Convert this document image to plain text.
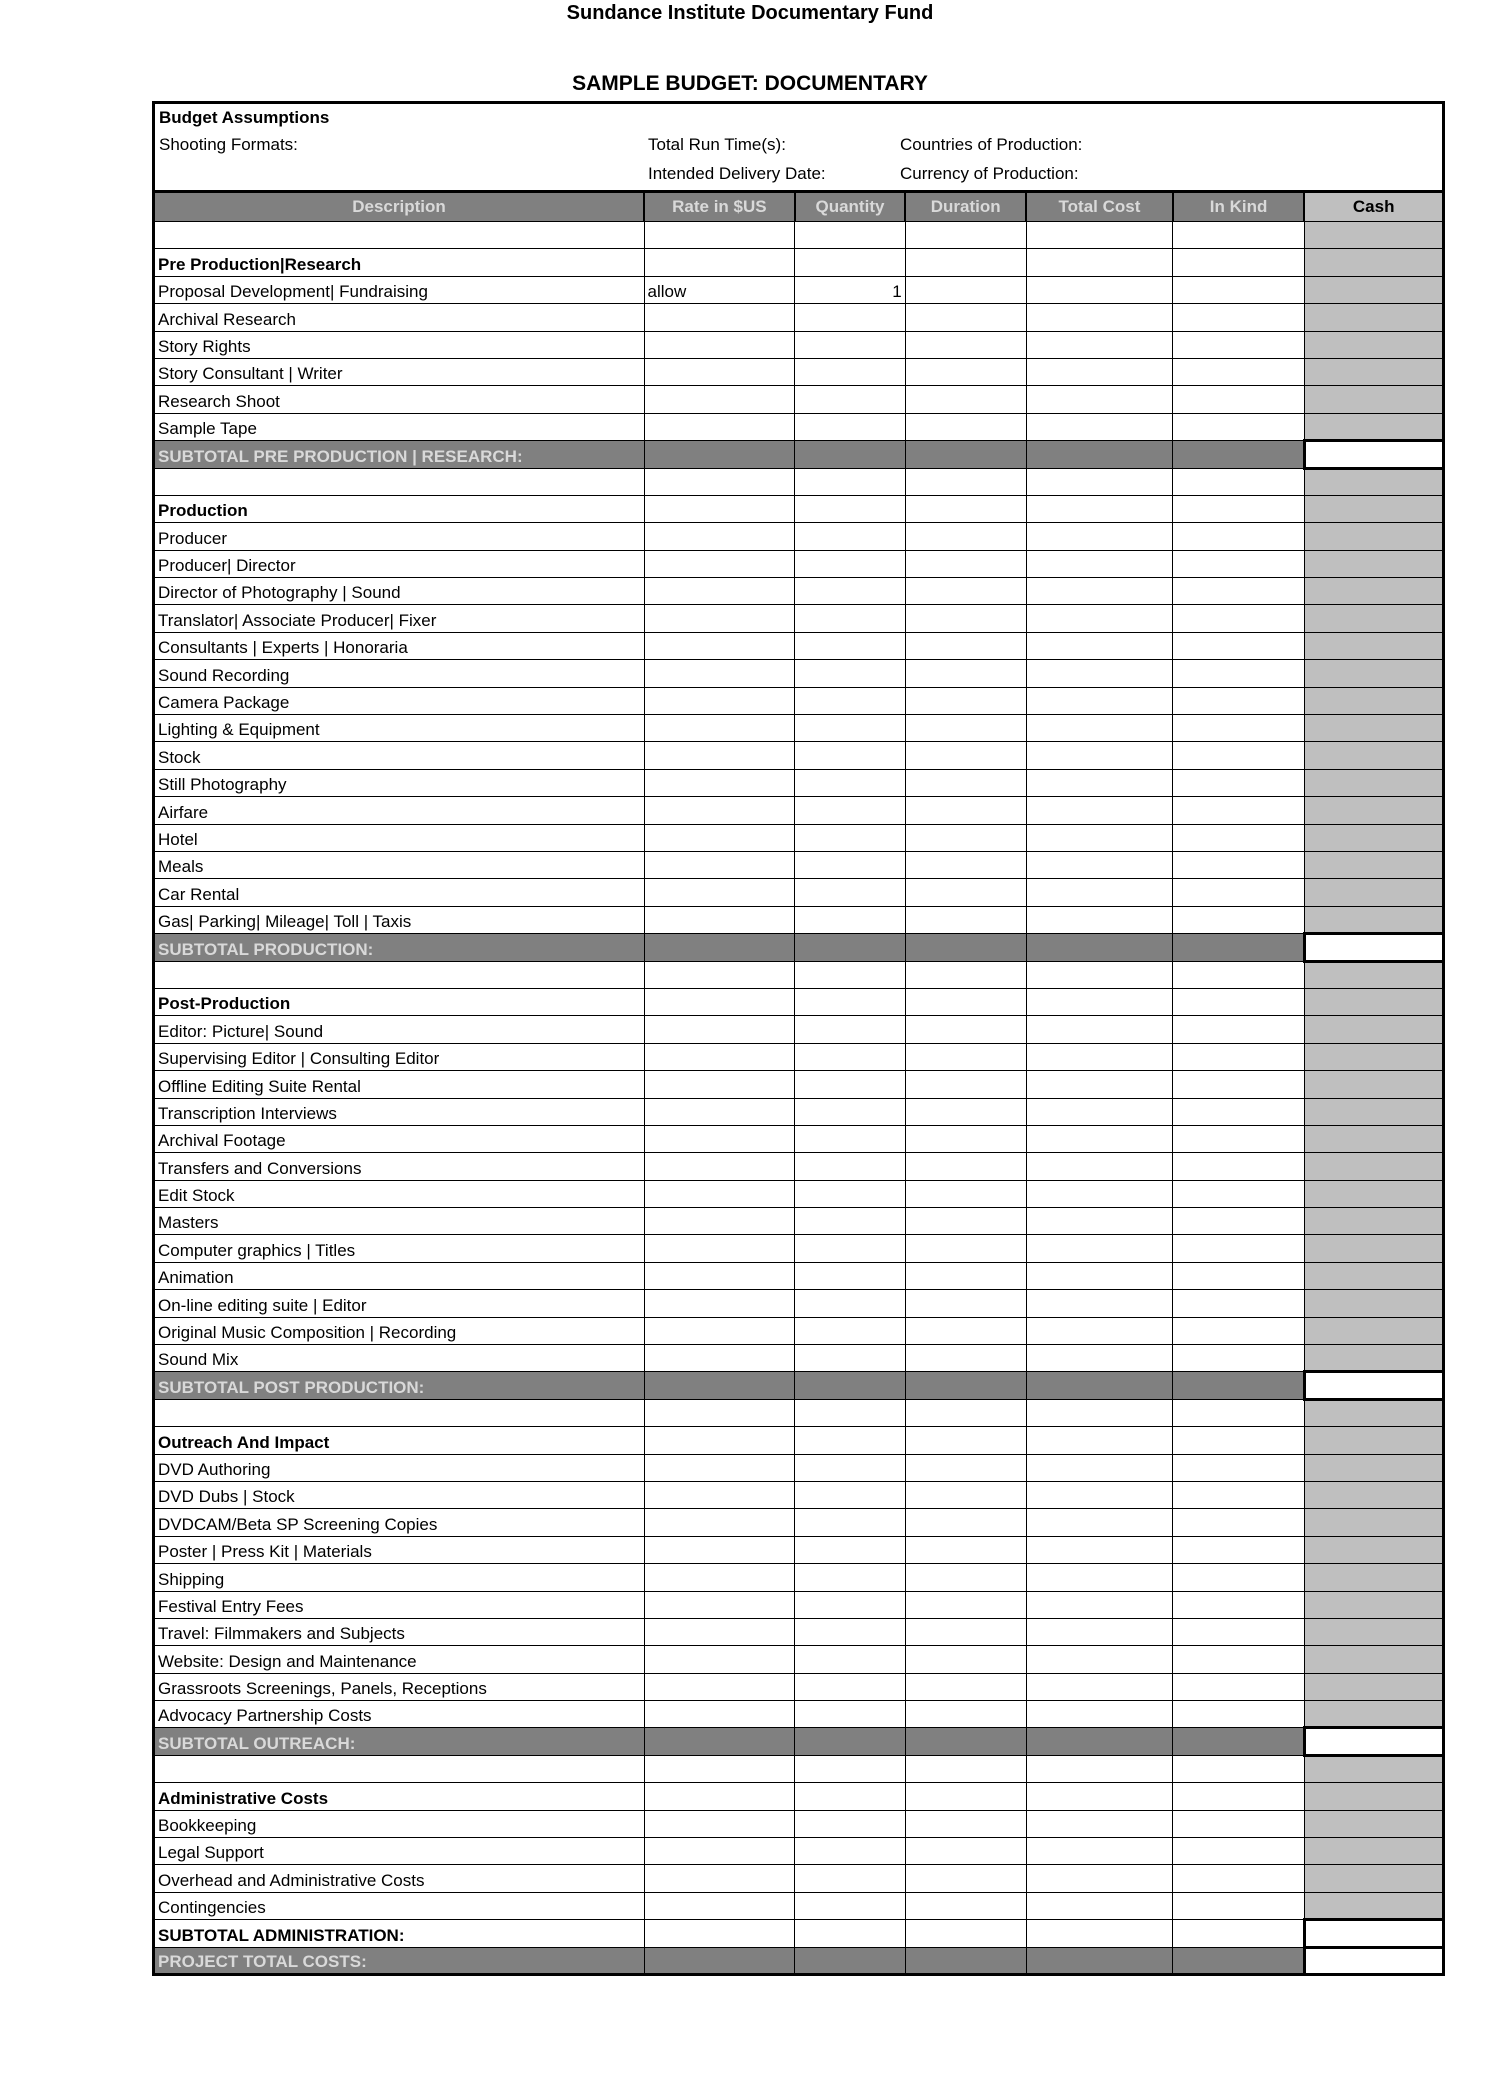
Sundance Institute Documentary Fund
SAMPLE BUDGET: DOCUMENTARY
Budget Assumptions
Shooting Formats:	Total Run Time(s):	Countries of Production:
Intended Delivery Date:	Currency of Production:
Description	Rate in $US	Quantity	Duration	Total Cost	In Kind	Cash

Pre Production|Research						
Proposal Development| Fundraising	allow	1				
Archival Research						
Story Rights						
Story Consultant | Writer						
Research Shoot						
Sample Tape						
SUBTOTAL PRE PRODUCTION | RESEARCH:						

Production						
Producer						
Producer| Director						
Director of Photography | Sound						
Translator| Associate Producer| Fixer						
Consultants | Experts | Honoraria						
Sound Recording						
Camera Package						
Lighting & Equipment						
Stock						
Still Photography						
Airfare						
Hotel						
Meals						
Car Rental						
Gas| Parking| Mileage| Toll | Taxis						
SUBTOTAL PRODUCTION:						

Post-Production						
Editor: Picture| Sound						
Supervising Editor | Consulting Editor						
Offline Editing Suite Rental						
Transcription Interviews						
Archival Footage						
Transfers and Conversions						
Edit Stock						
Masters						
Computer graphics | Titles						
Animation						
On-line editing suite | Editor						
Original Music Composition | Recording						
Sound Mix						
SUBTOTAL POST PRODUCTION:						

Outreach And Impact						
DVD Authoring						
DVD Dubs | Stock						
DVDCAM/Beta SP Screening Copies						
Poster | Press Kit | Materials						
Shipping						
Festival Entry Fees						
Travel: Filmmakers and Subjects						
Website: Design and Maintenance						
Grassroots Screenings, Panels, Receptions						
Advocacy Partnership Costs						
SUBTOTAL OUTREACH:						

Administrative Costs						
Bookkeeping						
Legal Support						
Overhead and Administrative Costs						
Contingencies						
SUBTOTAL ADMINISTRATION:						
PROJECT TOTAL COSTS:						
